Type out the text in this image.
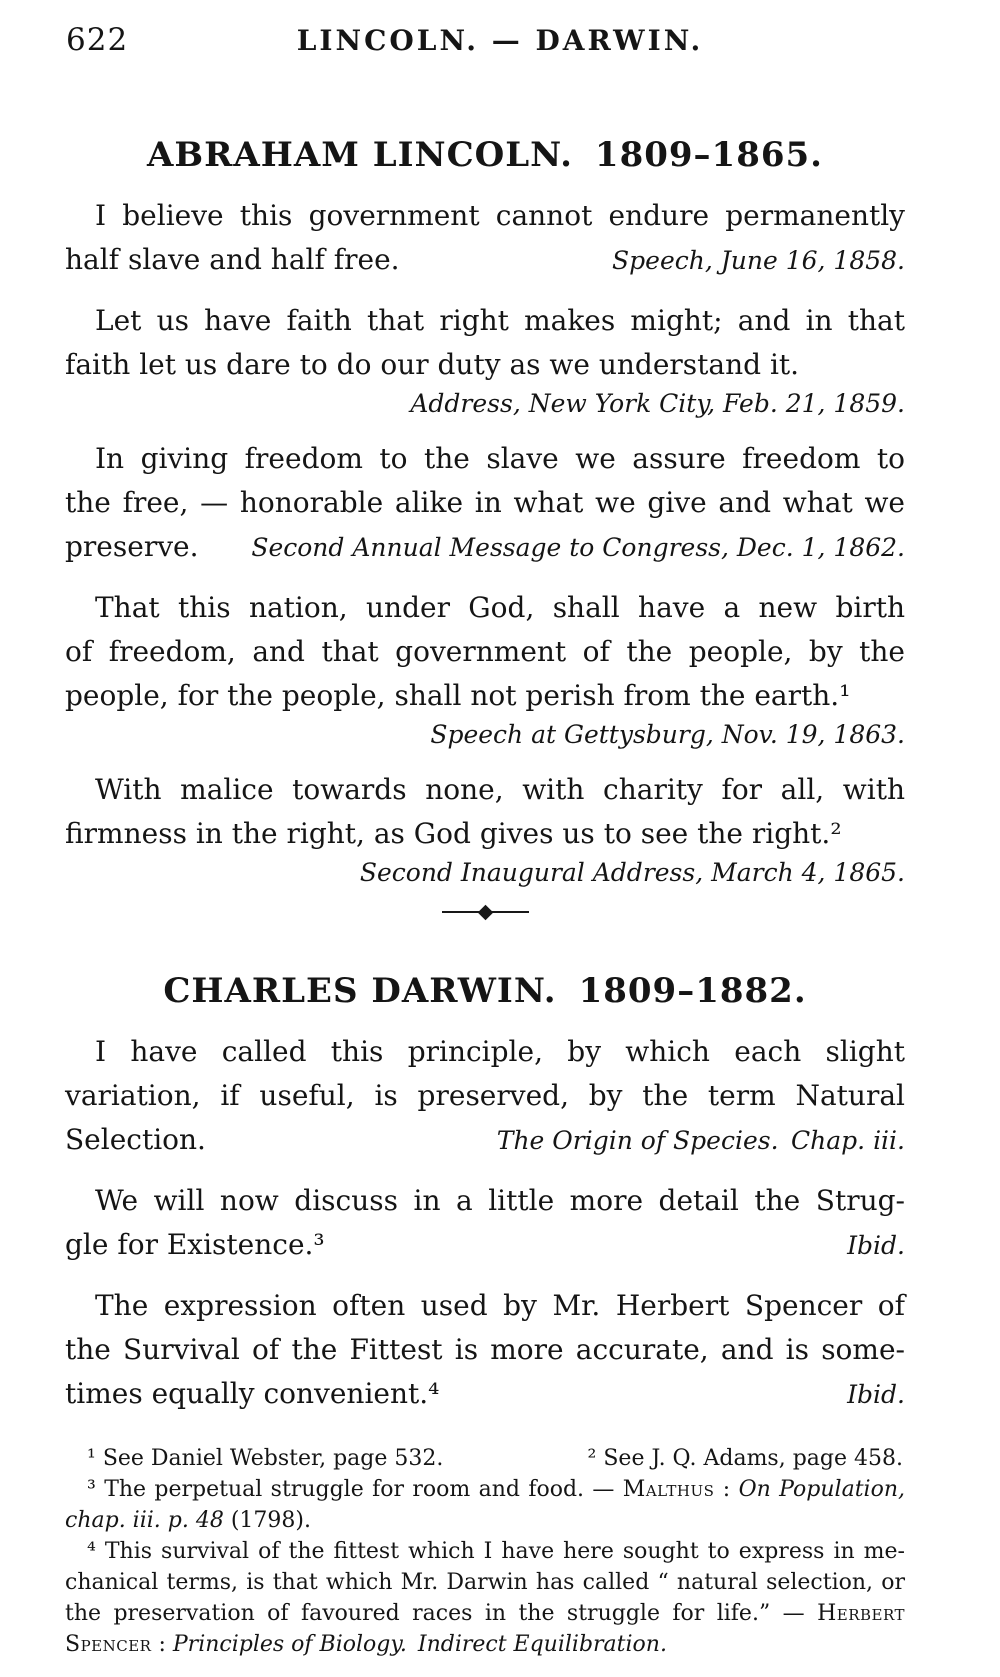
622	LINCOLN. — DARWIN.
ABRAHAM LINCOLN. 1809–1865.
I believe this government cannot endure permanently
half slave and half free.	Speech, June 16, 1858.
Let us have faith that right makes might; and in that
faith let us dare to do our duty as we understand it.
Address, New York City, Feb. 21, 1859.
In giving freedom to the slave we assure freedom to
the free, — honorable alike in what we give and what we
preserve. Second Annual Message to Congress, Dec. 1, 1862.
That this nation, under God, shall have a new birth
of freedom, and that government of the people, by the
people, for the people, shall not perish from the earth.¹
Speech at Gettysburg, Nov. 19, 1863.
With malice towards none, with charity for all, with
firmness in the right, as God gives us to see the right.²
Second Inaugural Address, March 4, 1865.
CHARLES DARWIN. 1809–1882.
I have called this principle, by which each slight
variation, if useful, is preserved, by the term Natural
Selection.	The Origin of Species. Chap. iii.
We will now discuss in a little more detail the Strug-
gle for Existence.³	Ibid.
The expression often used by Mr. Herbert Spencer of
the Survival of the Fittest is more accurate, and is some-
times equally convenient.⁴	Ibid.
¹ See Daniel Webster, page 532.	² See J. Q. Adams, page 458.
³ The perpetual struggle for room and food. — Malthus : On Population,
chap. iii. p. 48 (1798).
⁴ This survival of the fittest which I have here sought to express in me-
chanical terms, is that which Mr. Darwin has called “ natural selection, or
the preservation of favoured races in the struggle for life.” — Herbert
Spencer : Principles of Biology. Indirect Equilibration.
